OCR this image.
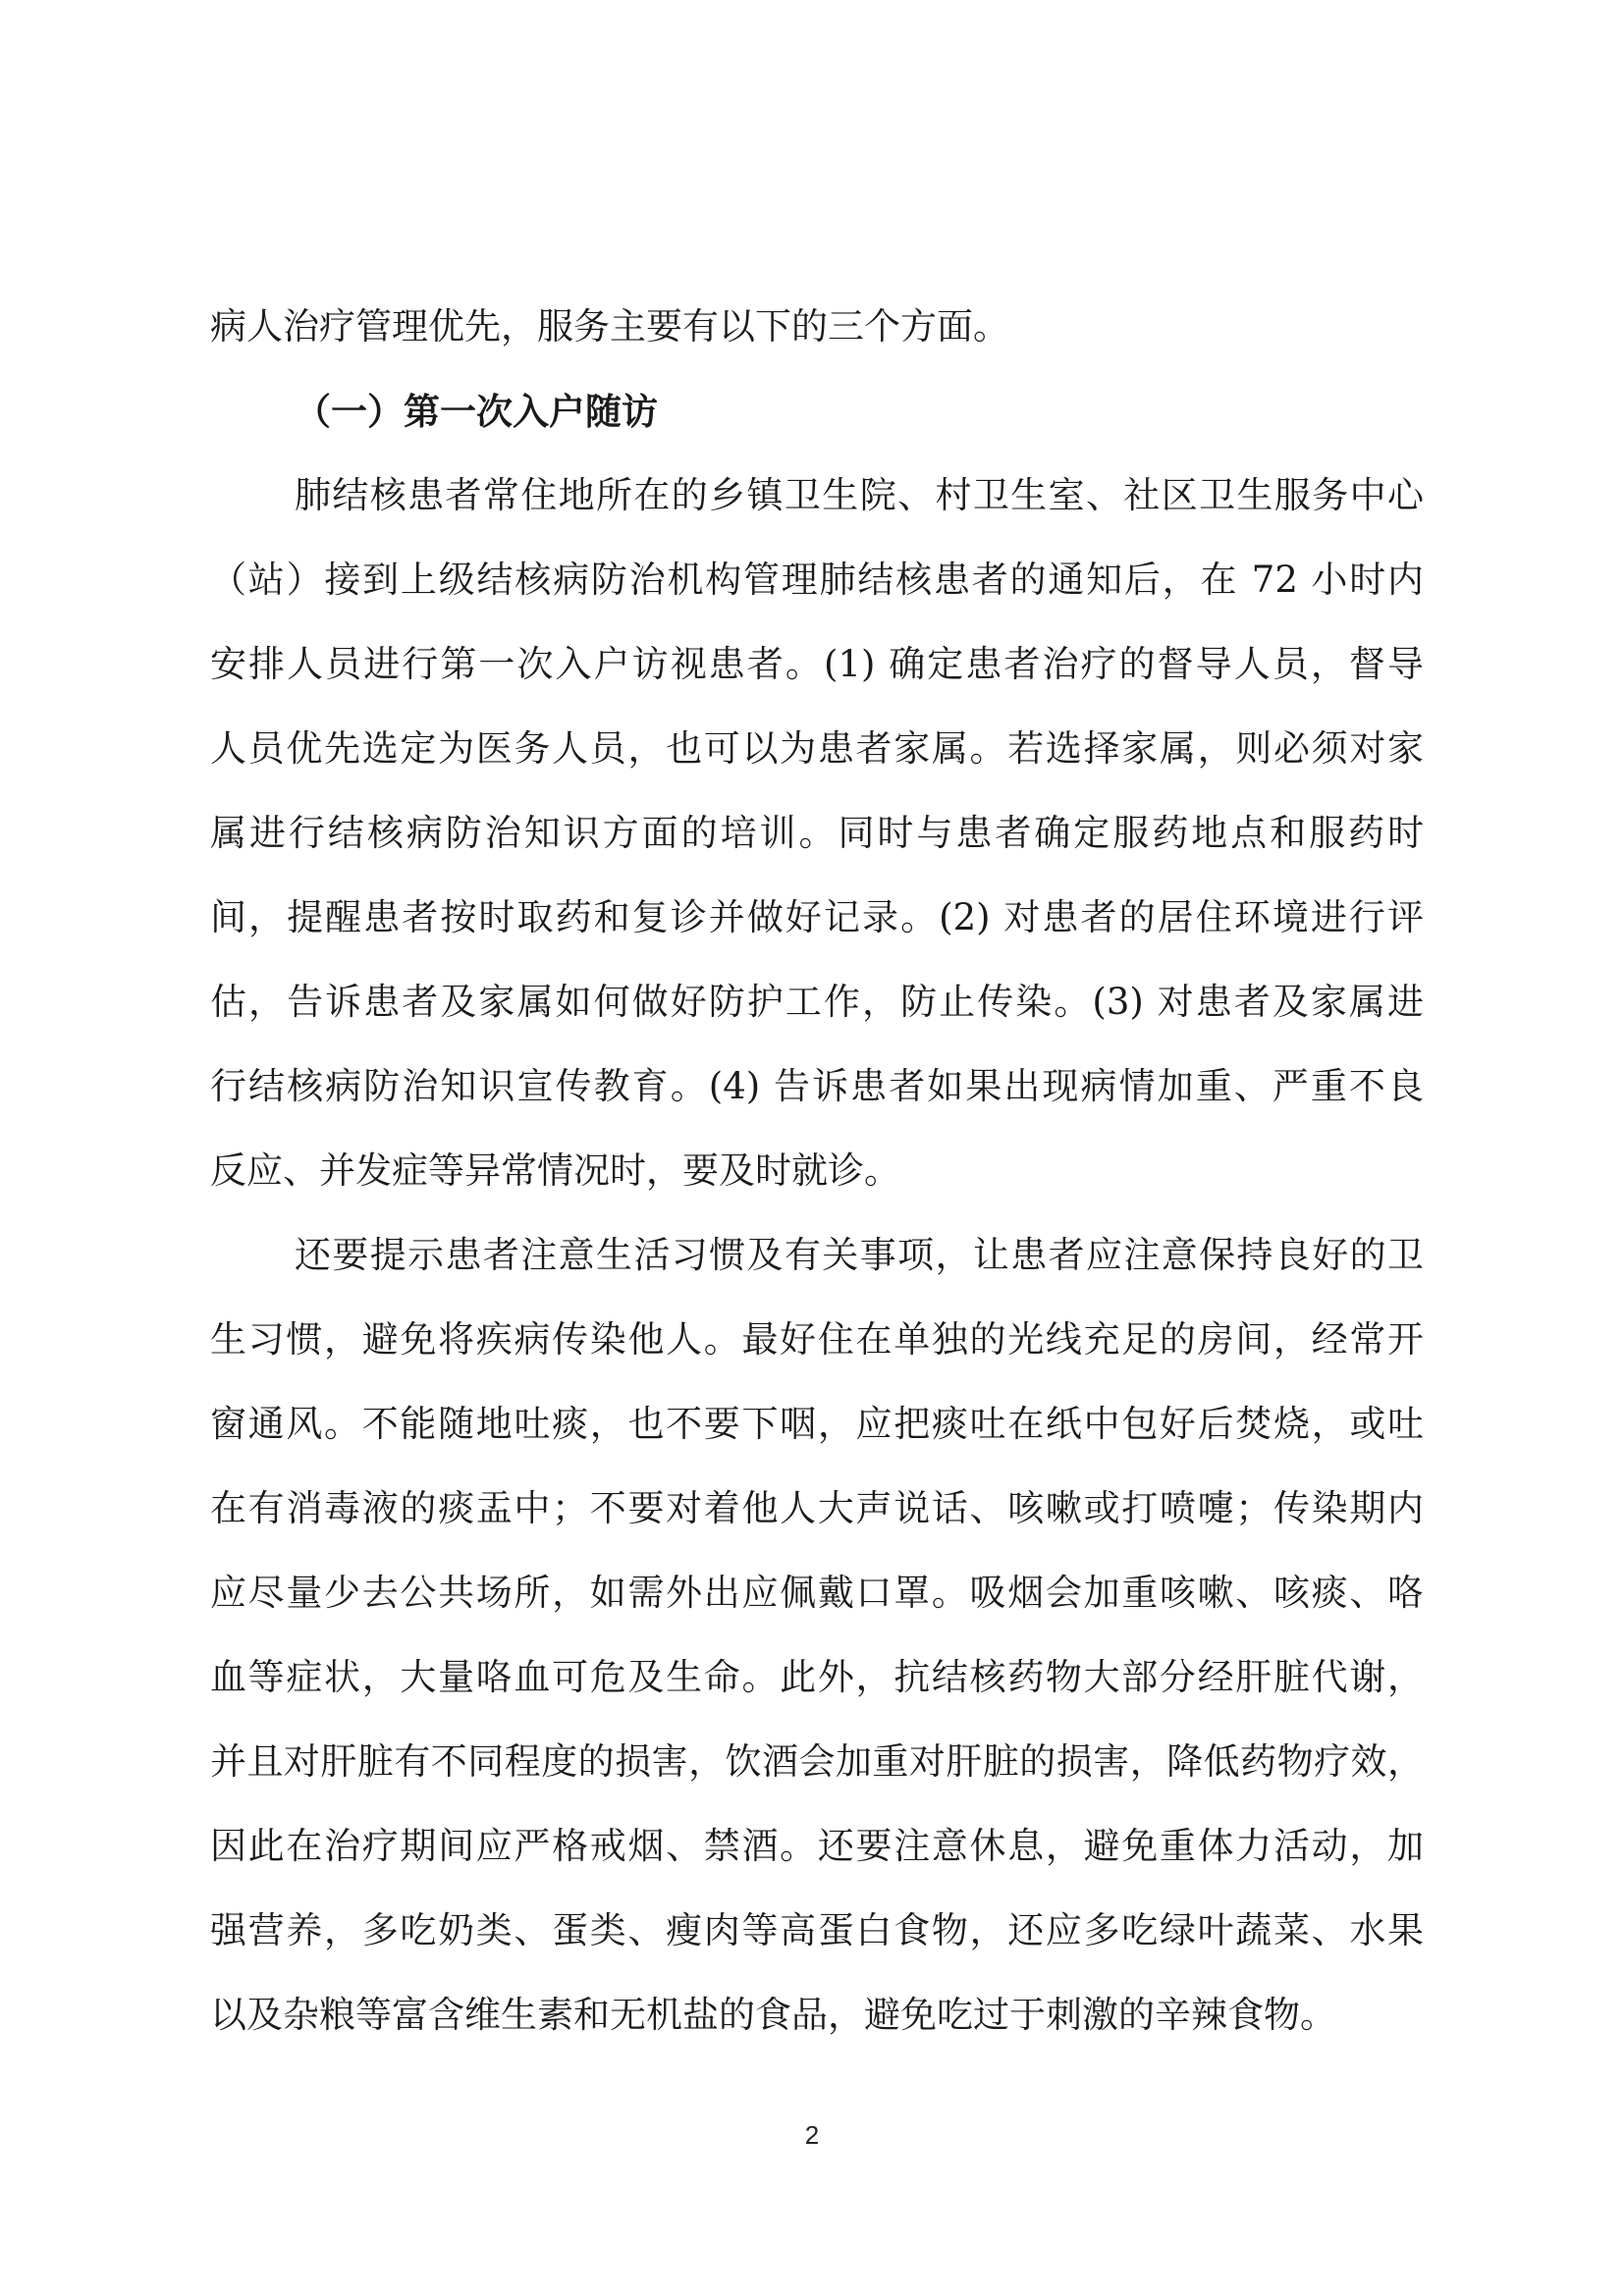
病人治疗管理优先，服务主要有以下的三个方面。
（一）第一次入户随访
肺结核患者常住地所在的乡镇卫生院、村卫生室、社区卫生服务中心
（站）接到上级结核病防治机构管理肺结核患者的通知后，在 72 小时内
安排人员进行第一次入户访视患者。(1) 确定患者治疗的督导人员，督导
人员优先选定为医务人员，也可以为患者家属。若选择家属，则必须对家
属进行结核病防治知识方面的培训。同时与患者确定服药地点和服药时
间，提醒患者按时取药和复诊并做好记录。(2) 对患者的居住环境进行评
估，告诉患者及家属如何做好防护工作，防止传染。(3) 对患者及家属进
行结核病防治知识宣传教育。(4) 告诉患者如果出现病情加重、严重不良
反应、并发症等异常情况时，要及时就诊。
还要提示患者注意生活习惯及有关事项，让患者应注意保持良好的卫
生习惯，避免将疾病传染他人。最好住在单独的光线充足的房间，经常开
窗通风。不能随地吐痰，也不要下咽，应把痰吐在纸中包好后焚烧，或吐
在有消毒液的痰盂中；不要对着他人大声说话、咳嗽或打喷嚏；传染期内
应尽量少去公共场所，如需外出应佩戴口罩。吸烟会加重咳嗽、咳痰、咯
血等症状，大量咯血可危及生命。此外，抗结核药物大部分经肝脏代谢，
并且对肝脏有不同程度的损害，饮酒会加重对肝脏的损害，降低药物疗效，
因此在治疗期间应严格戒烟、禁酒。还要注意休息，避免重体力活动，加
强营养，多吃奶类、蛋类、瘦肉等高蛋白食物，还应多吃绿叶蔬菜、水果
以及杂粮等富含维生素和无机盐的食品，避免吃过于刺激的辛辣食物。
2
